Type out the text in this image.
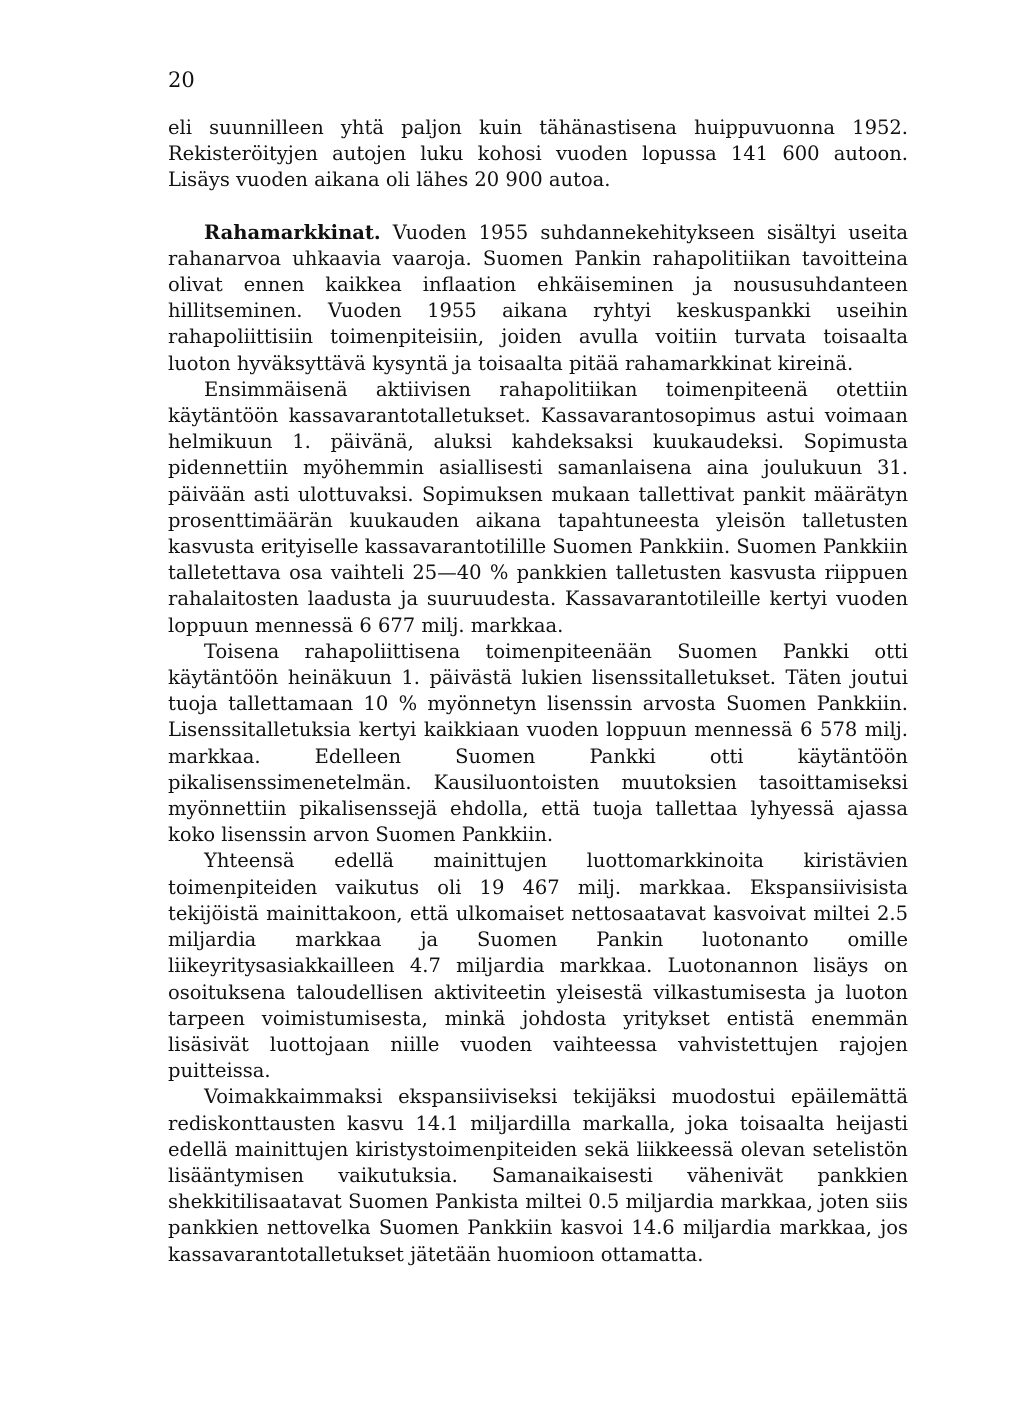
20

eli suunnilleen yhtä paljon kuin tähänastisena huippuvuonna 1952. Rekisteröityjen autojen luku kohosi vuoden lopussa 141 600 autoon. Lisäys vuoden aikana oli lähes 20 900 autoa.

Rahamarkkinat. Vuoden 1955 suhdannekehitykseen sisältyi useita rahanarvoa uhkaavia vaaroja. Suomen Pankin rahapolitiikan tavoitteina olivat ennen kaikkea inflaation ehkäiseminen ja noususuhdanteen hillitseminen. Vuoden 1955 aikana ryhtyi keskuspankki useihin rahapoliittisiin toimenpiteisiin, joiden avulla voitiin turvata toisaalta luoton hyväksyttävä kysyntä ja toisaalta pitää rahamarkkinat kireinä.

Ensimmäisenä aktiivisen rahapolitiikan toimenpiteenä otettiin käytäntöön kassavarantotalletukset. Kassavarantosopimus astui voimaan helmikuun 1. päivänä, aluksi kahdeksaksi kuukaudeksi. Sopimusta pidennettiin myöhemmin asiallisesti samanlaisena aina joulukuun 31. päivään asti ulottuvaksi. Sopimuksen mukaan tallettivat pankit määrätyn prosenttimäärän kuukauden aikana tapahtuneesta yleisön talletusten kasvusta erityiselle kassavarantotilille Suomen Pankkiin. Suomen Pankkiin talletettava osa vaihteli 25—40 % pankkien talletusten kasvusta riippuen rahalaitosten laadusta ja suuruudesta. Kassavarantotileille kertyi vuoden loppuun mennessä 6 677 milj. markkaa.

Toisena rahapoliittisena toimenpiteenään Suomen Pankki otti käytäntöön heinäkuun 1. päivästä lukien lisenssitalletukset. Täten joutui tuoja tallettamaan 10 % myönnetyn lisenssin arvosta Suomen Pankkiin. Lisenssitalletuksia kertyi kaikkiaan vuoden loppuun mennessä 6 578 milj. markkaa. Edelleen Suomen Pankki otti käytäntöön pikalisenssimenetelmän. Kausiluontoisten muutoksien tasoittamiseksi myönnettiin pikalisenssejä ehdolla, että tuoja tallettaa lyhyessä ajassa koko lisenssin arvon Suomen Pankkiin.

Yhteensä edellä mainittujen luottomarkkinoita kiristävien toimenpiteiden vaikutus oli 19 467 milj. markkaa. Ekspansiivisista tekijöistä mainittakoon, että ulkomaiset nettosaatavat kasvoivat miltei 2.5 miljardia markkaa ja Suomen Pankin luotonanto omille liikeyritysasiakkailleen 4.7 miljardia markkaa. Luotonannon lisäys on osoituksena taloudellisen aktiviteetin yleisestä vilkastumisesta ja luoton tarpeen voimistumisesta, minkä johdosta yritykset entistä enemmän lisäsivät luottojaan niille vuoden vaihteessa vahvistettujen rajojen puitteissa.

Voimakkaimmaksi ekspansiiviseksi tekijäksi muodostui epäilemättä rediskonttausten kasvu 14.1 miljardilla markalla, joka toisaalta heijasti edellä mainittujen kiristystoimenpiteiden sekä liikkeessä olevan setelistön lisääntymisen vaikutuksia. Samanaikaisesti vähenivät pankkien shekkitilisaatavat Suomen Pankista miltei 0.5 miljardia markkaa, joten siis pankkien nettovelka Suomen Pankkiin kasvoi 14.6 miljardia markkaa, jos kassavarantotalletukset jätetään huomioon ottamatta.
